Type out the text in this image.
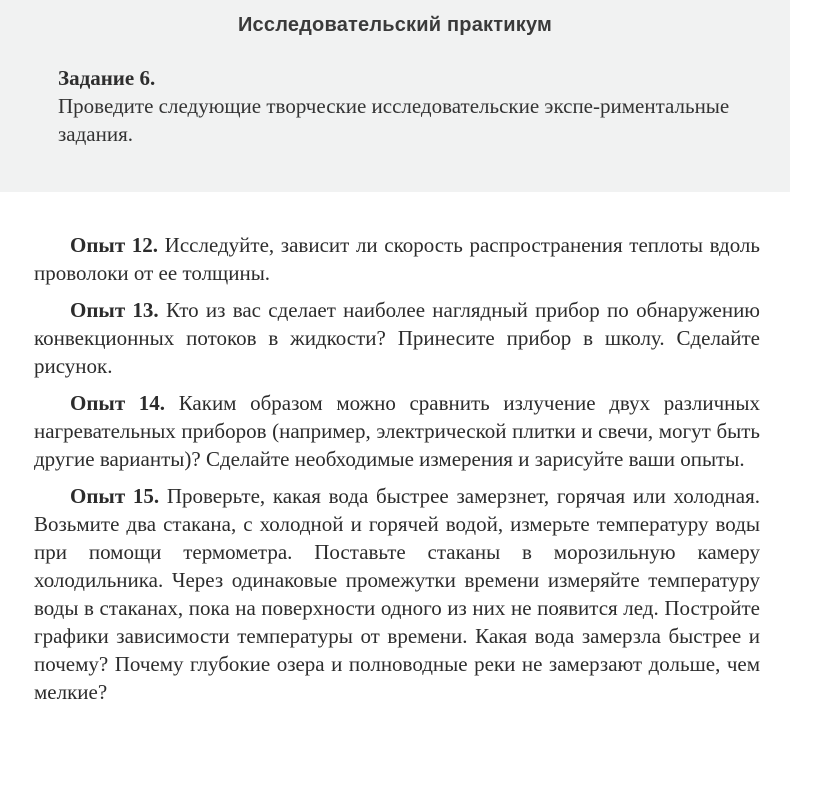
Исследовательский практикум
Задание 6.

Проведите следующие творческие исследовательские экспе-риментальные задания.

Опыт 12. Исследуйте, зависит ли скорость распространения теплоты вдоль проволоки от ее толщины.

Опыт 13. Кто из вас сделает наиболее наглядный прибор по обнаружению конвекционных потоков в жидкости? Принесите прибор в школу. Сделайте рисунок.

Опыт 14. Каким образом можно сравнить излучение двух различных нагревательных приборов (например, электрической плитки и свечи, могут быть другие варианты)? Сделайте необходимые измерения и зарисуйте ваши опыты.

Опыт 15. Проверьте, какая вода быстрее замерзнет, горячая или холодная. Возьмите два стакана, с холодной и горячей водой, измерьте температуру воды при помощи термометра. Поставьте стаканы в морозильную камеру холодильника. Через одинаковые промежутки времени измеряйте температуру воды в стаканах, пока на поверхности одного из них не появится лед. Постройте графики зависимости температуры от времени. Какая вода замерзла быстрее и почему? Почему глубокие озера и полноводные реки не замерзают дольше, чем мелкие?
